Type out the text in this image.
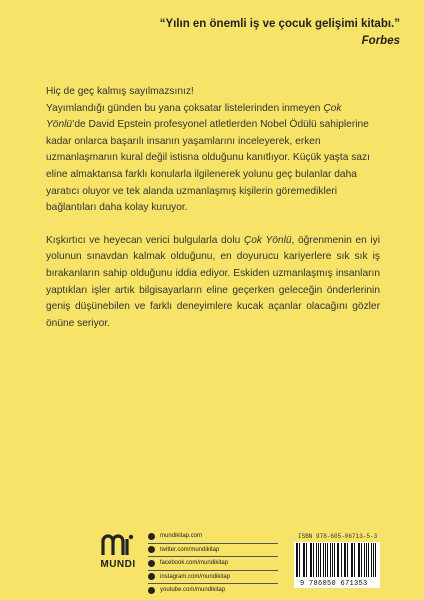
“Yılın en önemli iş ve çocuk gelişimi kitabı.”
Forbes

Hiç de geç kalmış sayılmazsınız!
Yayımlandığı günden bu yana çoksatar listelerinden inmeyen Çok Yönlü’de David Epstein profesyonel atletlerden Nobel Ödülü sahiplerine kadar onlarca başarılı insanın yaşamlarını inceleyerek, erken uzmanlaşmanın kural değil istisna olduğunu kanıtlıyor. Küçük yaşta sazı eline almaktansa farklı konularla ilgilenerek yolunu geç bulanlar daha yaratıcı oluyor ve tek alanda uzmanlaşmış kişilerin göremedikleri bağlantıları daha kolay kuruyor.

Kışkırtıcı ve heyecan verici bulgularla dolu Çok Yönlü, öğrenmenin en iyi yolunun sınavdan kalmak olduğunu, en doyurucu kariyerlere sık sık iş bırakanların sahip olduğunu iddia ediyor. Eskiden uzmanlaşmış insanların yaptıkları işler artık bilgisayarların eline geçerken geleceğin önderlerinin geniş düşünebilen ve farklı deneyimlere kucak açanlar olacağını gözler önüne seriyor.

MUNDI
mundikitap.com
twitter.com/mundikitap
facebook.com/mundikitap
instagram.com/mundikitap
youtube.com/mundikitap
ISBN 978-605-06713-5-3
9 786050 671353
